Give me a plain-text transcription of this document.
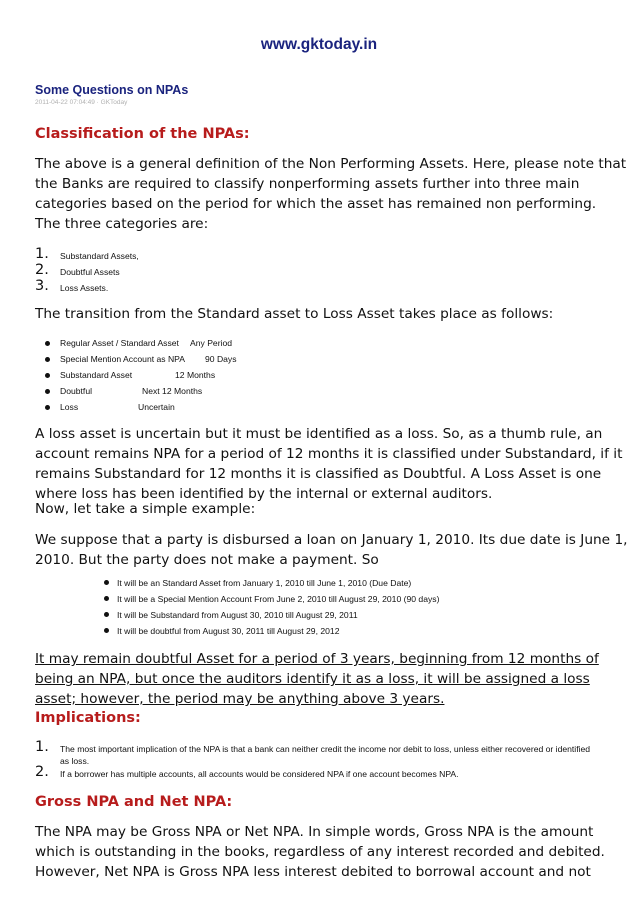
www.gktoday.in
Some Questions on NPAs
2011-04-22 07:04:49 · GKToday
Classification of the NPAs:
The above is a general definition of the Non Performing Assets. Here, please note that
the Banks are required to classify nonperforming assets further into three main
categories based on the period for which the asset has remained non performing.
The three categories are:
1. Substandard Assets,
2. Doubtful Assets
3. Loss Assets.
The transition from the Standard asset to Loss Asset takes place as follows:
Regular Asset / Standard Asset Any Period
Special Mention Account as NPA 90 Days
Substandard Asset	12 Months
Doubtful	Next 12 Months
Loss	Uncertain
A loss asset is uncertain but it must be identified as a loss. So, as a thumb rule, an
account remains NPA for a period of 12 months it is classified under Substandard, if it
remains Substandard for 12 months it is classified as Doubtful. A Loss Asset is one
where loss has been identified by the internal or external auditors.
Now, let take a simple example:
We suppose that a party is disbursed a loan on January 1, 2010. Its due date is June 1,
2010. But the party does not make a payment. So
It will be an Standard Asset from January 1, 2010 till June 1, 2010 (Due Date)
It will be a Special Mention Account From June 2, 2010 till August 29, 2010 (90 days)
It will be Substandard from August 30, 2010 till August 29, 2011
It will be doubtful from August 30, 2011 till August 29, 2012
It may remain doubtful Asset for a period of 3 years, beginning from 12 months of
being an NPA, but once the auditors identify it as a loss, it will be assigned a loss
asset; however, the period may be anything above 3 years.
Implications:
1. The most important implication of the NPA is that a bank can neither credit the income nor debit to loss, unless either recovered or identified
as loss.
2. If a borrower has multiple accounts, all accounts would be considered NPA if one account becomes NPA.
Gross NPA and Net NPA:
The NPA may be Gross NPA or Net NPA. In simple words, Gross NPA is the amount
which is outstanding in the books, regardless of any interest recorded and debited.
However, Net NPA is Gross NPA less interest debited to borrowal account and not
